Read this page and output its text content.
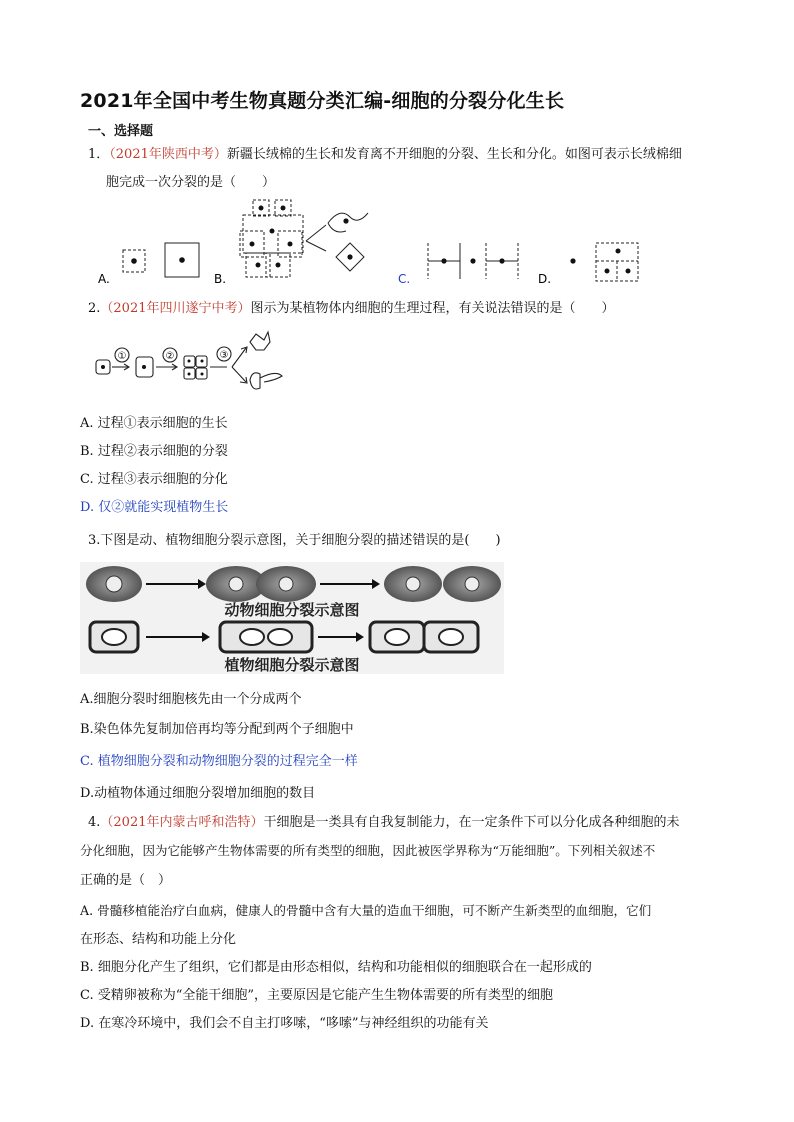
2021年全国中考生物真题分类汇编-细胞的分裂分化生长
一、选择题
1．（2021年陕西中考）新疆长绒棉的生长和发育离不开细胞的分裂、生长和分化。如图可表示长绒棉细
胞完成一次分裂的是（　　）
A.	B.	C.	D.
2.（2021年四川遂宁中考）图示为某植物体内细胞的生理过程，有关说法错误的是（　　）
①	②	③
A. 过程①表示细胞的生长
B. 过程②表示细胞的分裂
C. 过程③表示细胞的分化
D. 仅②就能实现植物生长
3.下图是动、植物细胞分裂示意图，关于细胞分裂的描述错误的是(　　)
动物细胞分裂示意图
植物细胞分裂示意图
A.细胞分裂时细胞核先由一个分成两个
B.染色体先复制加倍再均等分配到两个子细胞中
C. 植物细胞分裂和动物细胞分裂的过程完全一样
D.动植物体通过细胞分裂增加细胞的数目
4.（2021年内蒙古呼和浩特）干细胞是一类具有自我复制能力，在一定条件下可以分化成各种细胞的未
分化细胞，因为它能够产生物体需要的所有类型的细胞，因此被医学界称为“万能细胞”。下列相关叙述不
正确的是（　）
A. 骨髓移植能治疗白血病，健康人的骨髓中含有大量的造血干细胞，可不断产生新类型的血细胞，它们
在形态、结构和功能上分化
B. 细胞分化产生了组织，它们都是由形态相似，结构和功能相似的细胞联合在一起形成的
C. 受精卵被称为“全能干细胞”，主要原因是它能产生生物体需要的所有类型的细胞
D. 在寒冷环境中，我们会不自主打哆嗦，“哆嗦”与神经组织的功能有关
